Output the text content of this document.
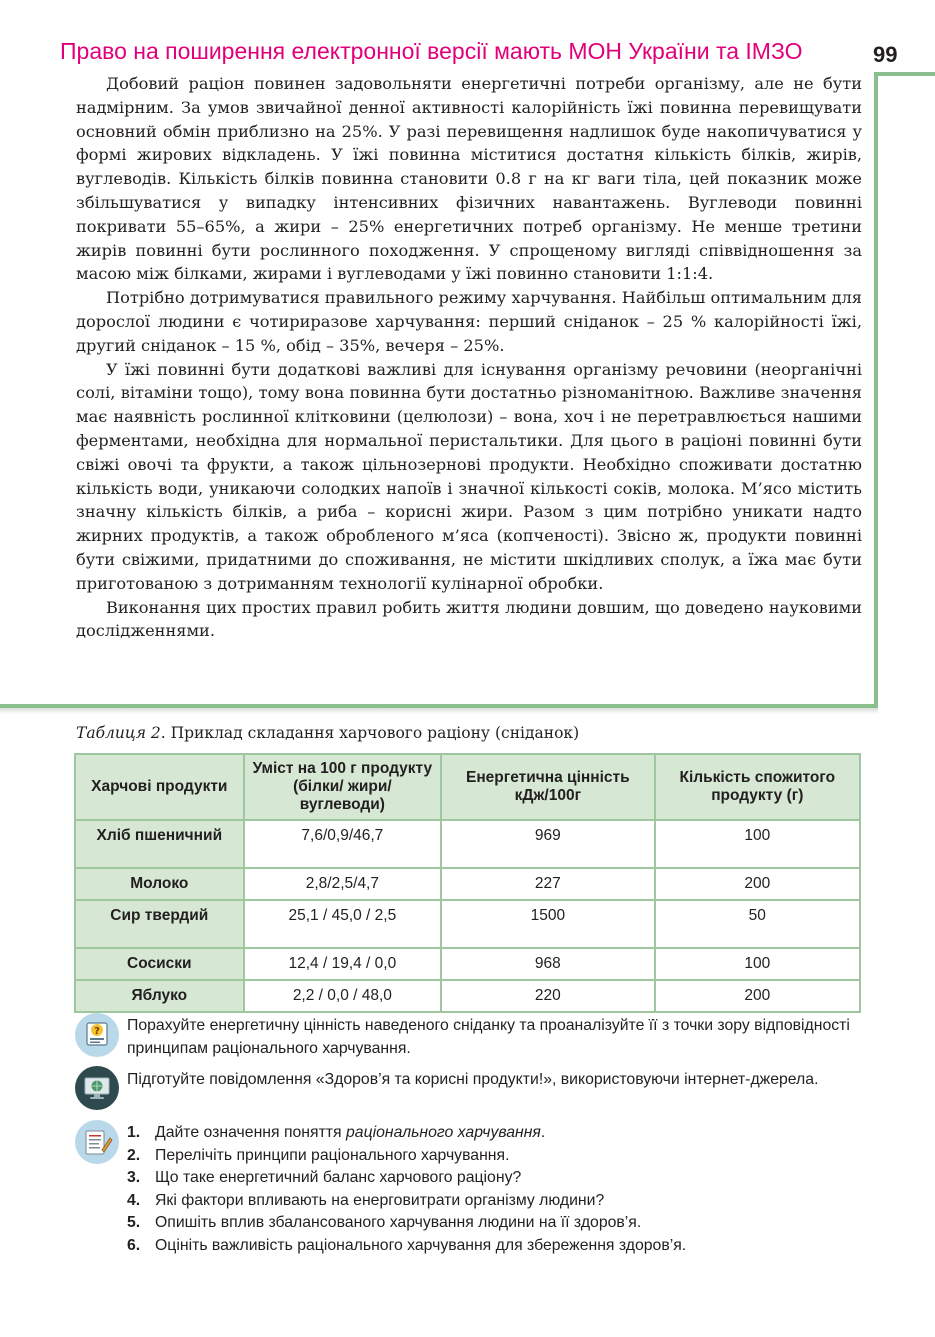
Право на поширення електронної версії мають МОН України та ІМЗО	99

Добовий раціон повинен задовольняти енергетичні потреби організму, але не бути надмірним. За умов звичайної денної активності калорійність їжі повинна перевищувати основний обмін приблизно на 25%. У разі перевищення надлишок буде накопичуватися у формі жирових відкладень. У їжі повинна міститися достатня кількість білків, жирів, вуглеводів. Кількість білків повинна становити 0.8 г на кг ваги тіла, цей показник може збільшуватися у випадку інтенсивних фізичних навантажень. Вуглеводи повинні покривати 55–65%, а жири – 25% енергетичних потреб організму. Не менше третини жирів повинні бути рослинного походження. У спрощеному вигляді співвідношення за масою між білками, жирами і вуглеводами у їжі повинно становити 1:1:4.

Потрібно дотримуватися правильного режиму харчування. Найбільш оптимальним для дорослої людини є чотириразове харчування: перший сніданок – 25 % калорійності їжі, другий сніданок – 15 %, обід – 35%, вечеря – 25%.

У їжі повинні бути додаткові важливі для існування організму речовини (неорганічні солі, вітаміни тощо), тому вона повинна бути достатньо різноманітною. Важливе значення має наявність рослинної клітковини (целюлози) – вона, хоч і не перетравлюється нашими ферментами, необхідна для нормальної перистальтики. Для цього в раціоні повинні бути свіжі овочі та фрукти, а також цільнозернові продукти. Необхідно споживати достатню кількість води, уникаючи солодких напоїв і значної кількості соків, молока. М’ясо містить значну кількість білків, а риба – корисні жири. Разом з цим потрібно уникати надто жирних продуктів, а також обробленого м’яса (копченості). Звісно ж, продукти повинні бути свіжими, придатними до споживання, не містити шкідливих сполук, а їжа має бути приготованою з дотриманням технології кулінарної обробки.

Виконання цих простих правил робить життя людини довшим, що доведено науковими дослідженнями.

Таблиця 2. Приклад складання харчового раціону (сніданок)
Харчові продукти	Уміст на 100 г продукту (білки/ жири/вуглеводи)	Енергетична цінність кДж/100г	Кількість спожитого продукту (г)
Хліб пшеничний	7,6/0,9/46,7	969	100
Молоко	2,8/2,5/4,7	227	200
Сир твердий	25,1 / 45,0 / 2,5	1500	50
Сосиски	12,4 / 19,4 / 0,0	968	100
Яблуко	2,2 / 0,0 / 48,0	220	200
? Порахуйте енергетичну цінність наведеного сніданку та проаналізуйте її з точки зору відповідності принципам раціонального харчування.
Підготуйте повідомлення «Здоров’я та корисні продукти!», використовуючи інтернет-джерела.
1. Дайте означення поняття раціонального харчування.
2. Перелічіть принципи раціонального харчування.
3. Що таке енергетичний баланс харчового раціону?
4. Які фактори впливають на енерговитрати організму людини?
5. Опишіть вплив збалансованого харчування людини на її здоров’я.
6. Оцініть важливість раціонального харчування для збереження здоров’я.
